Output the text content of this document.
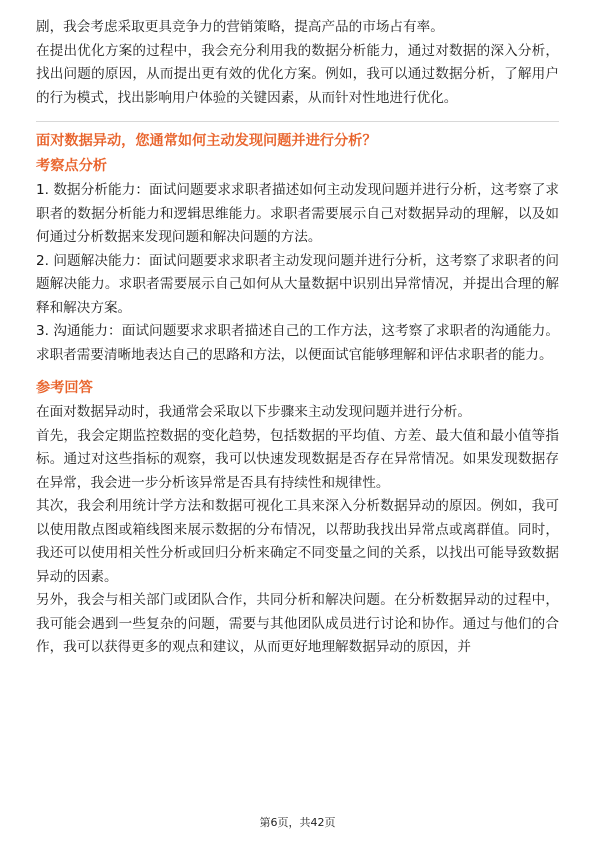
剧，我会考虑采取更具竞争力的营销策略，提高产品的市场占有率。

在提出优化方案的过程中，我会充分利用我的数据分析能力，通过对数据的深入分析，找出问题的原因，从而提出更有效的优化方案。例如，我可以通过数据分析，了解用户的行为模式，找出影响用户体验的关键因素，从而针对性地进行优化。

面对数据异动，您通常如何主动发现问题并进行分析？
考察点分析

1. 数据分析能力：面试问题要求求职者描述如何主动发现问题并进行分析，这考察了求职者的数据分析能力和逻辑思维能力。求职者需要展示自己对数据异动的理解，以及如何通过分析数据来发现问题和解决问题的方法。

2. 问题解决能力：面试问题要求求职者主动发现问题并进行分析，这考察了求职者的问题解决能力。求职者需要展示自己如何从大量数据中识别出异常情况，并提出合理的解释和解决方案。

3. 沟通能力：面试问题要求求职者描述自己的工作方法，这考察了求职者的沟通能力。求职者需要清晰地表达自己的思路和方法，以便面试官能够理解和评估求职者的能力。

参考回答

在面对数据异动时，我通常会采取以下步骤来主动发现问题并进行分析。

首先，我会定期监控数据的变化趋势，包括数据的平均值、方差、最大值和最小值等指标。通过对这些指标的观察，我可以快速发现数据是否存在异常情况。如果发现数据存在异常，我会进一步分析该异常是否具有持续性和规律性。

其次，我会利用统计学方法和数据可视化工具来深入分析数据异动的原因。例如，我可以使用散点图或箱线图来展示数据的分布情况，以帮助我找出异常点或离群值。同时，我还可以使用相关性分析或回归分析来确定不同变量之间的关系，以找出可能导致数据异动的因素。

另外，我会与相关部门或团队合作，共同分析和解决问题。在分析数据异动的过程中，我可能会遇到一些复杂的问题，需要与其他团队成员进行讨论和协作。通过与他们的合作，我可以获得更多的观点和建议，从而更好地理解数据异动的原因，并

第6页，共42页
